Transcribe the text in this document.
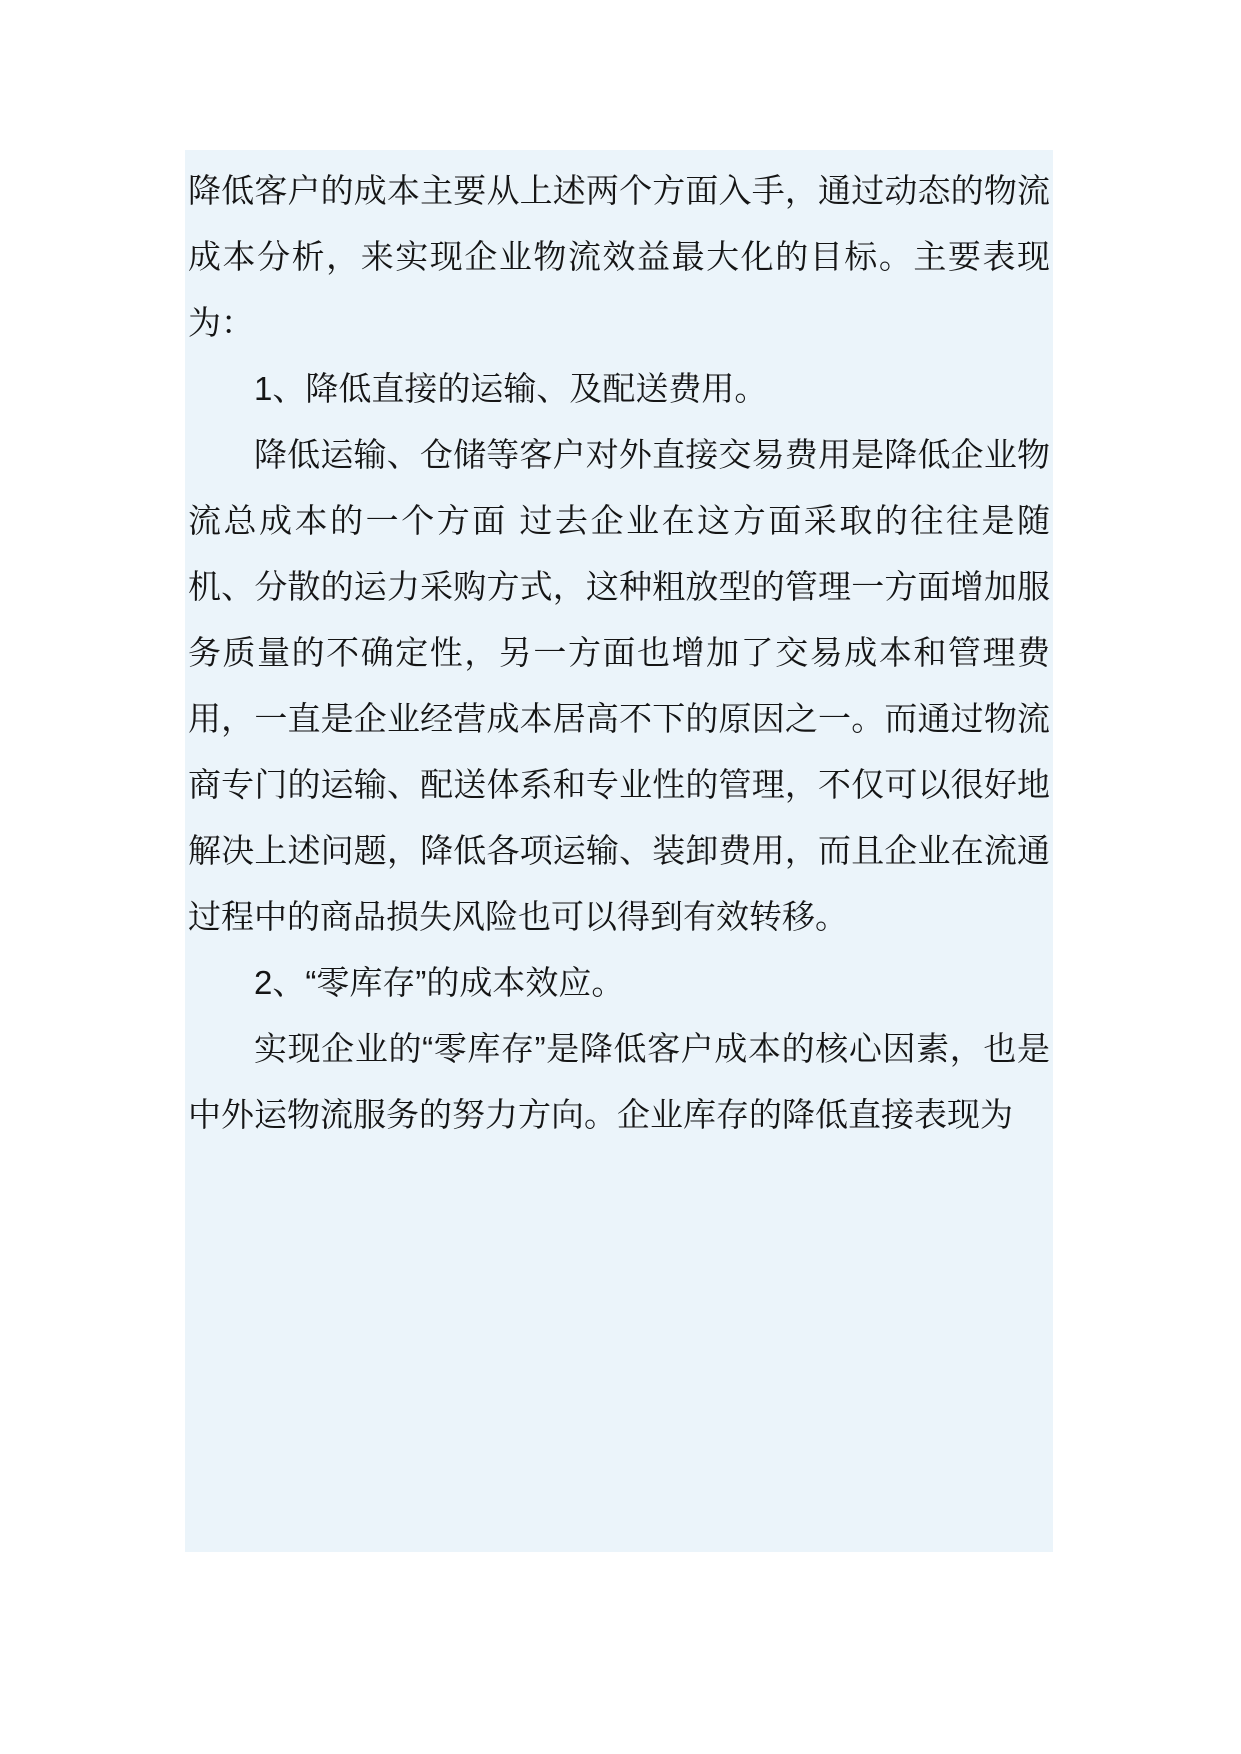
降低客户的成本主要从上述两个方面入手，通过动态的物流成本分析，来实现企业物流效益最大化的目标。主要表现为：

1、降低直接的运输、及配送费用。

降低运输、仓储等客户对外直接交易费用是降低企业物流总成本的一个方面 过去企业在这方面采取的往往是随机、分散的运力采购方式，这种粗放型的管理一方面增加服务质量的不确定性，另一方面也增加了交易成本和管理费用，一直是企业经营成本居高不下的原因之一。而通过物流商专门的运输、配送体系和专业性的管理，不仅可以很好地解决上述问题，降低各项运输、装卸费用，而且企业在流通过程中的商品损失风险也可以得到有效转移。

2、“零库存”的成本效应。

实现企业的“零库存”是降低客户成本的核心因素，也是中外运物流服务的努力方向。企业库存的降低直接表现为
